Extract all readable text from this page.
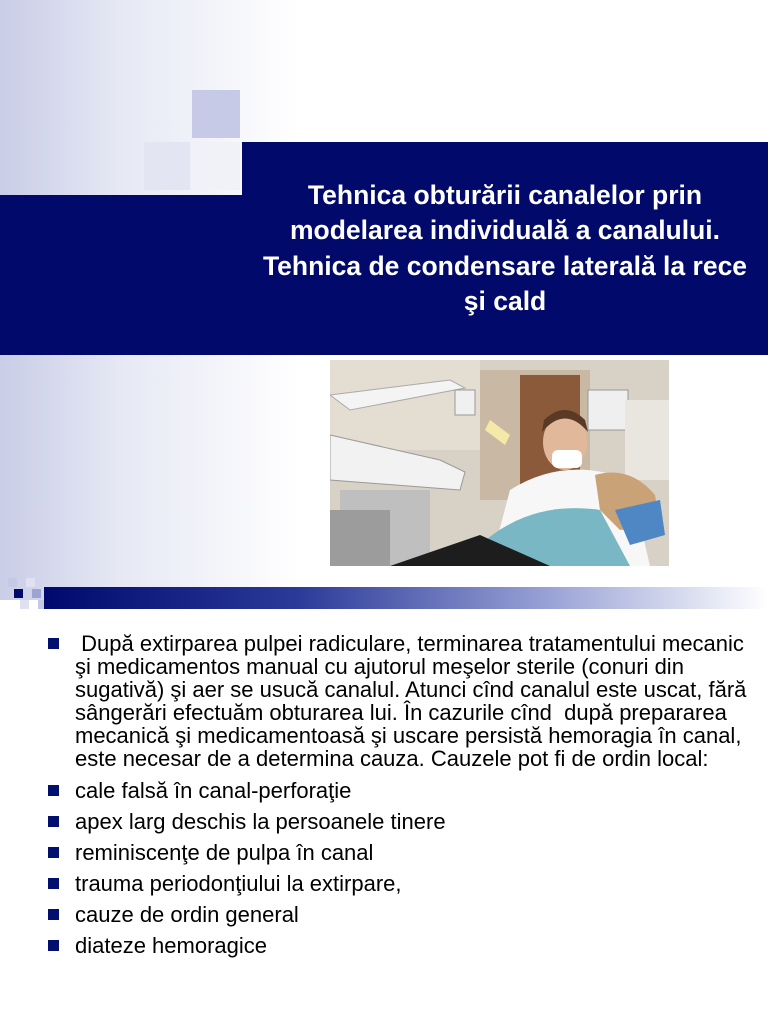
Tehnica obturării canalelor prin modelarea individuală a canalului. Tehnica de condensare laterală la rece şi cald

După extirparea pulpei radiculare, terminarea tratamentului mecanic şi medicamentos manual cu ajutorul meşelor sterile (conuri din sugativă) şi aer se usucă canalul. Atunci cînd canalul este uscat, fără sângerări efectuăm obturarea lui. În cazurile cînd  după prepararea mecanică şi medicamentoasă şi uscare persistă hemoragia în canal, este necesar de a determina cauza. Cauzele pot fi de ordin local:
cale falsă în canal-perforaţie
apex larg deschis la persoanele tinere
reminiscenţe de pulpa în canal
trauma periodonţiului la extirpare,
cauze de ordin general
diateze hemoragice
